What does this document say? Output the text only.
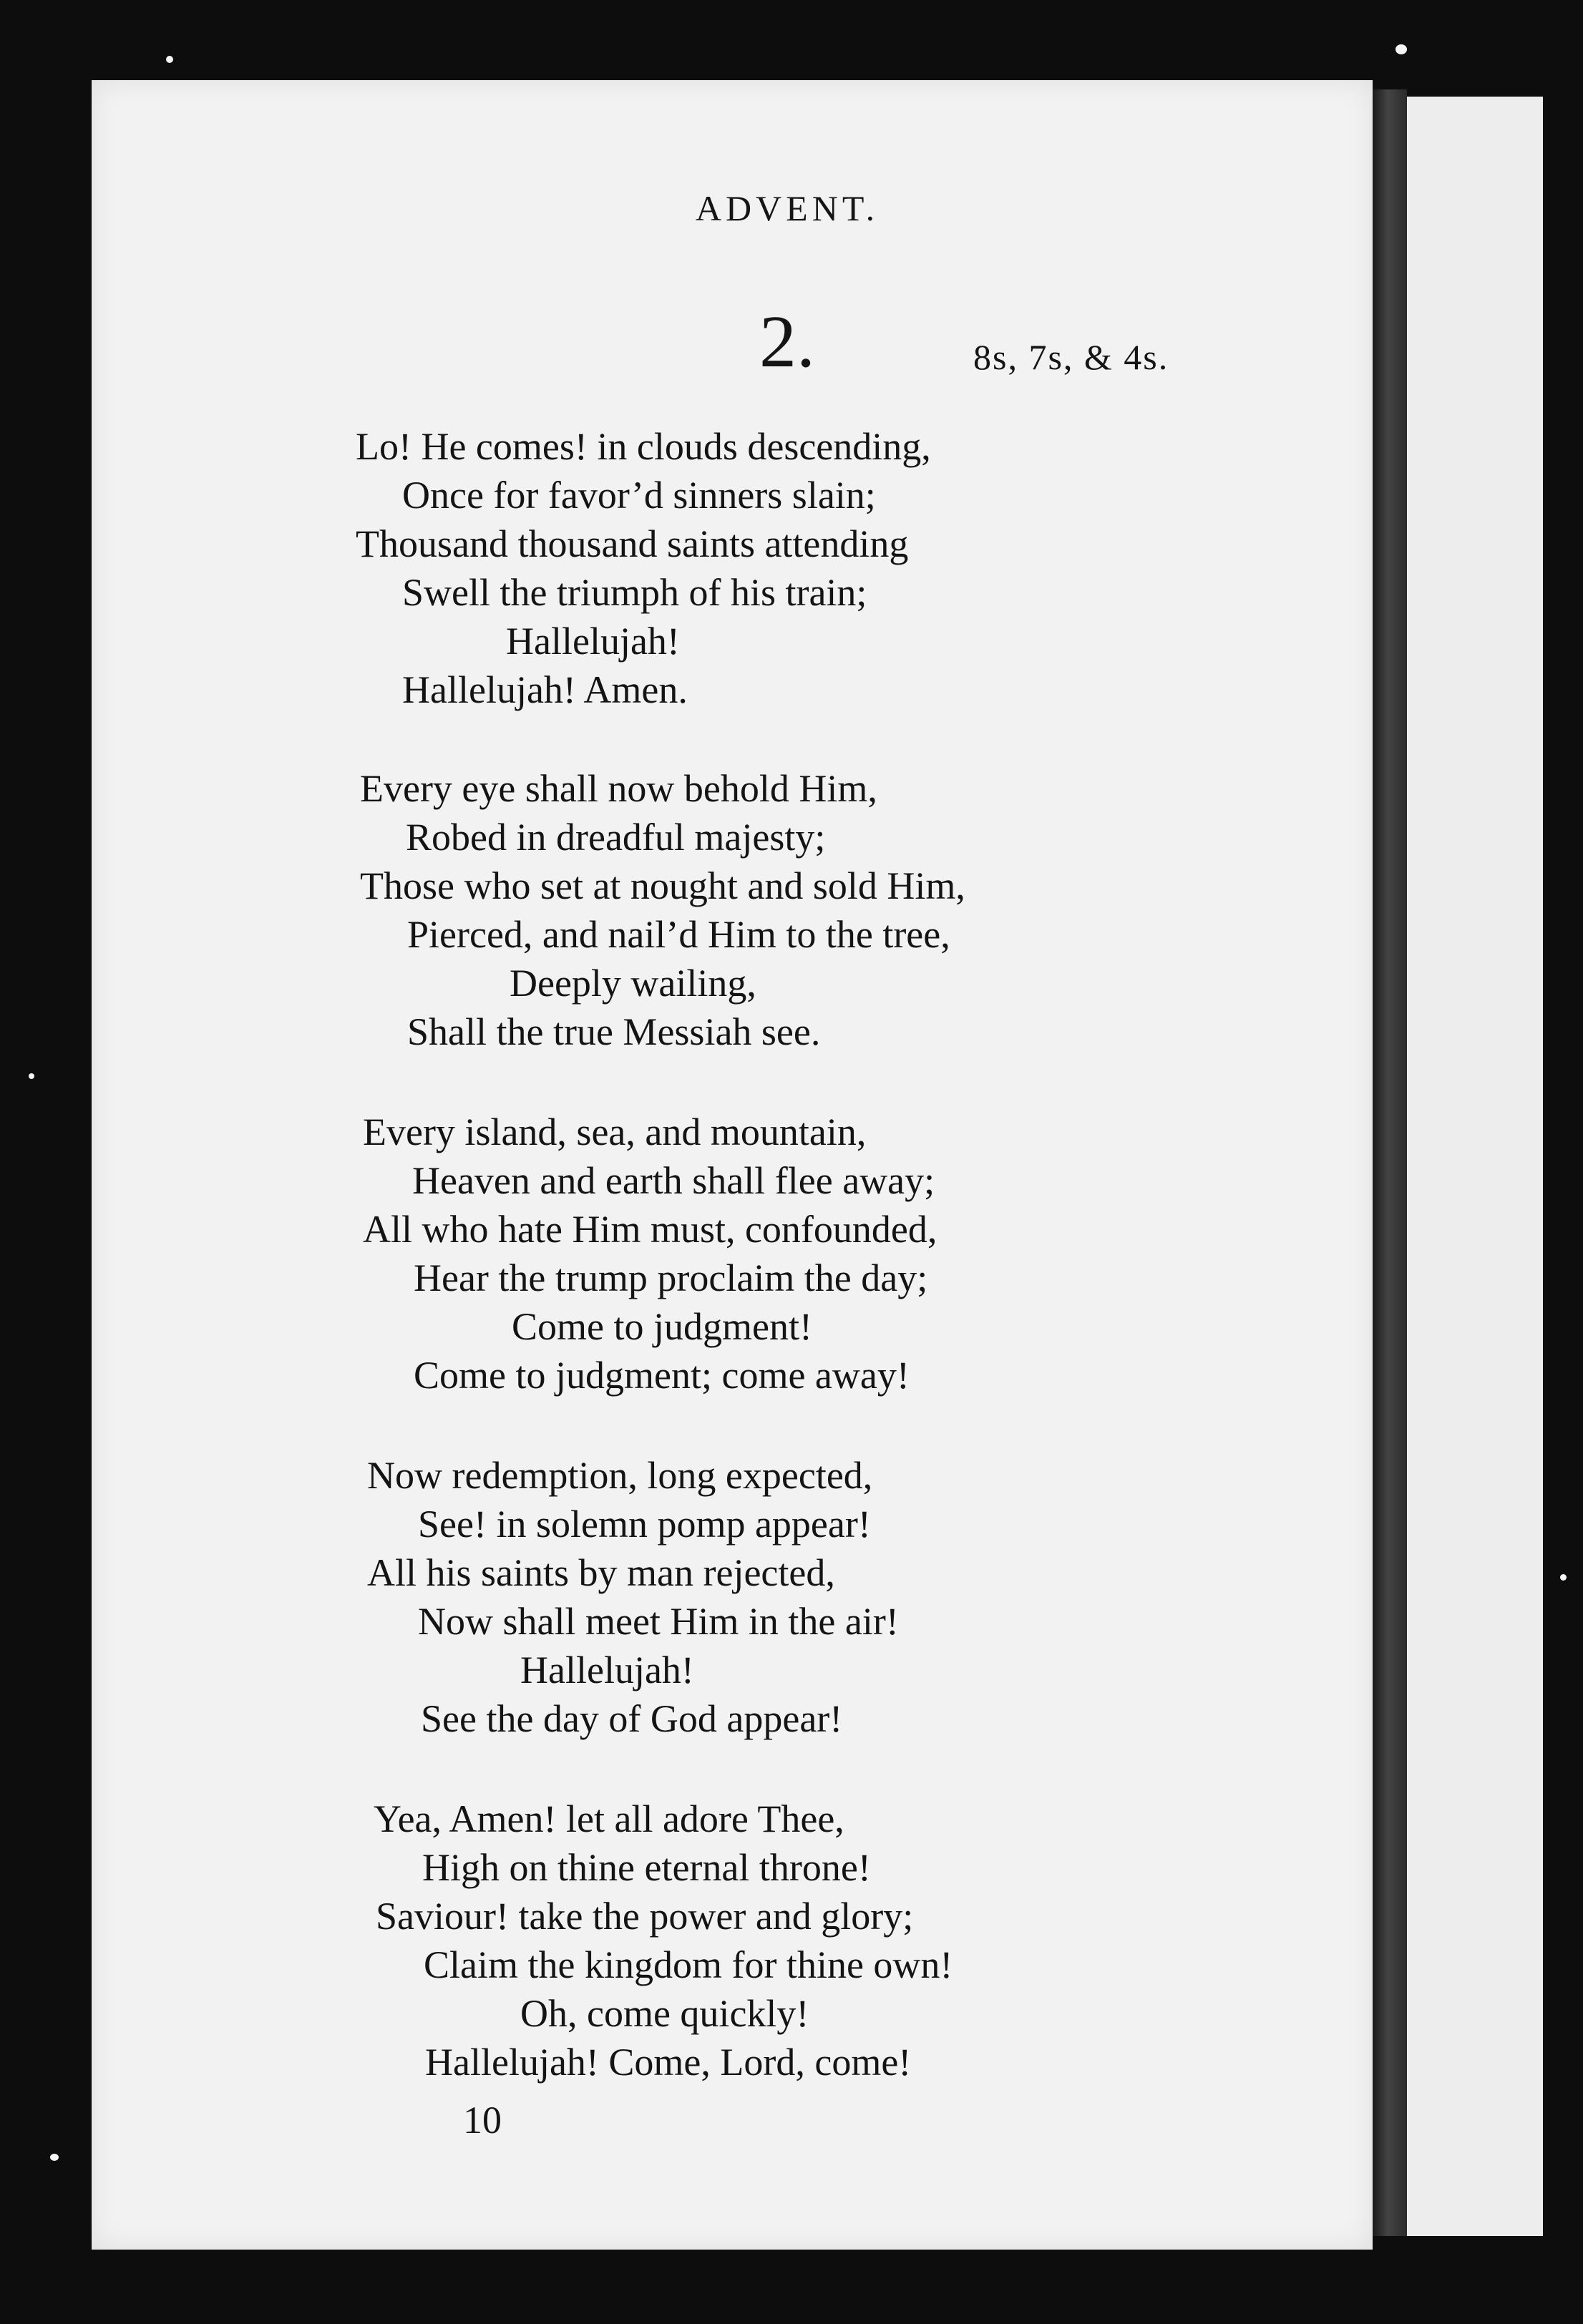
ADVENT.
2.	8s, 7s, & 4s.
Lo! He comes! in clouds descending,
Once for favor’d sinners slain;
Thousand thousand saints attending
Swell the triumph of his train;
Hallelujah!
Hallelujah! Amen.
Every eye shall now behold Him,
Robed in dreadful majesty;
Those who set at nought and sold Him,
Pierced, and nail’d Him to the tree,
Deeply wailing,
Shall the true Messiah see.
Every island, sea, and mountain,
Heaven and earth shall flee away;
All who hate Him must, confounded,
Hear the trump proclaim the day;
Come to judgment!
Come to judgment; come away!
Now redemption, long expected,
See! in solemn pomp appear!
All his saints by man rejected,
Now shall meet Him in the air!
Hallelujah!
See the day of God appear!
Yea, Amen! let all adore Thee,
High on thine eternal throne!
Saviour! take the power and glory;
Claim the kingdom for thine own!
Oh, come quickly!
Hallelujah! Come, Lord, come!
10
